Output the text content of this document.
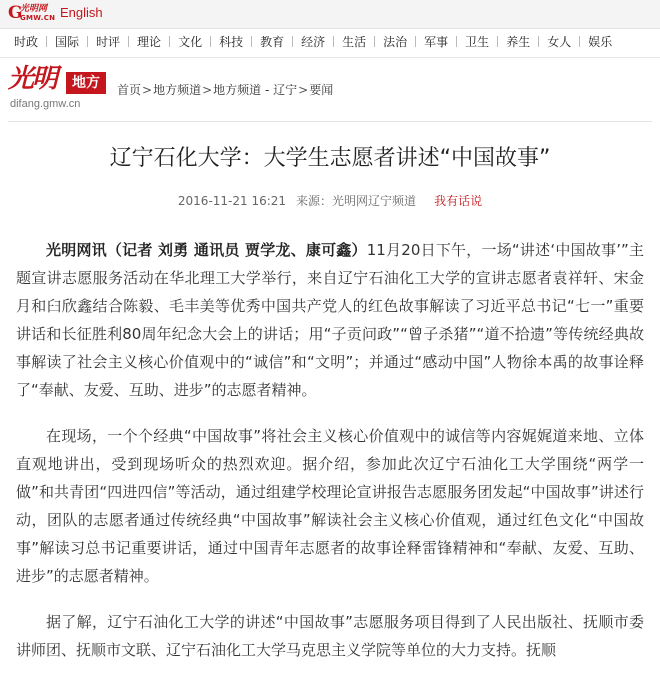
G
光明网
GMW.CN English
时政 国际 时评 理论 文化 科技 教育 经济 生活 法治 军事 卫生 养生 女人 娱乐
光明	地方
difang.gmw.cn
首页>地方频道>地方频道 - 辽宁>要闻
辽宁石化大学：大学生志愿者讲述“中国故事”
2016-11-21 16:21 来源：光明网辽宁频道 我有话说

光明网讯（记者 刘勇 通讯员 贾学龙、康可鑫）11月20日下午，一场“讲述‘中国故事’”主题宣讲志愿服务活动在华北理工大学举行，来自辽宁石油化工大学的宣讲志愿者袁祥轩、宋金月和臼欣鑫结合陈毅、毛丰美等优秀中国共产党人的红色故事解读了习近平总书记“七一”重要讲话和长征胜利80周年纪念大会上的讲话；用“子贡问政”“曾子杀猪”“道不拾遗”等传统经典故事解读了社会主义核心价值观中的“诚信”和“文明”；并通过“感动中国”人物徐本禹的故事诠释了“奉献、友爱、互助、进步”的志愿者精神。

在现场，一个个经典“中国故事”将社会主义核心价值观中的诚信等内容娓娓道来地、立体直观地讲出，受到现场听众的热烈欢迎。据介绍，参加此次辽宁石油化工大学围绕“两学一做”和共青团“四进四信”等活动，通过组建学校理论宣讲报告志愿服务团发起“中国故事”讲述行动，团队的志愿者通过传统经典“中国故事”解读社会主义核心价值观，通过红色文化“中国故事”解读习总书记重要讲话，通过中国青年志愿者的故事诠释雷锋精神和“奉献、友爱、互助、进步”的志愿者精神。

据了解，辽宁石油化工大学的讲述“中国故事”志愿服务项目得到了人民出版社、抚顺市委讲师团、抚顺市文联、辽宁石油化工大学马克思主义学院等单位的大力支持。抚顺
